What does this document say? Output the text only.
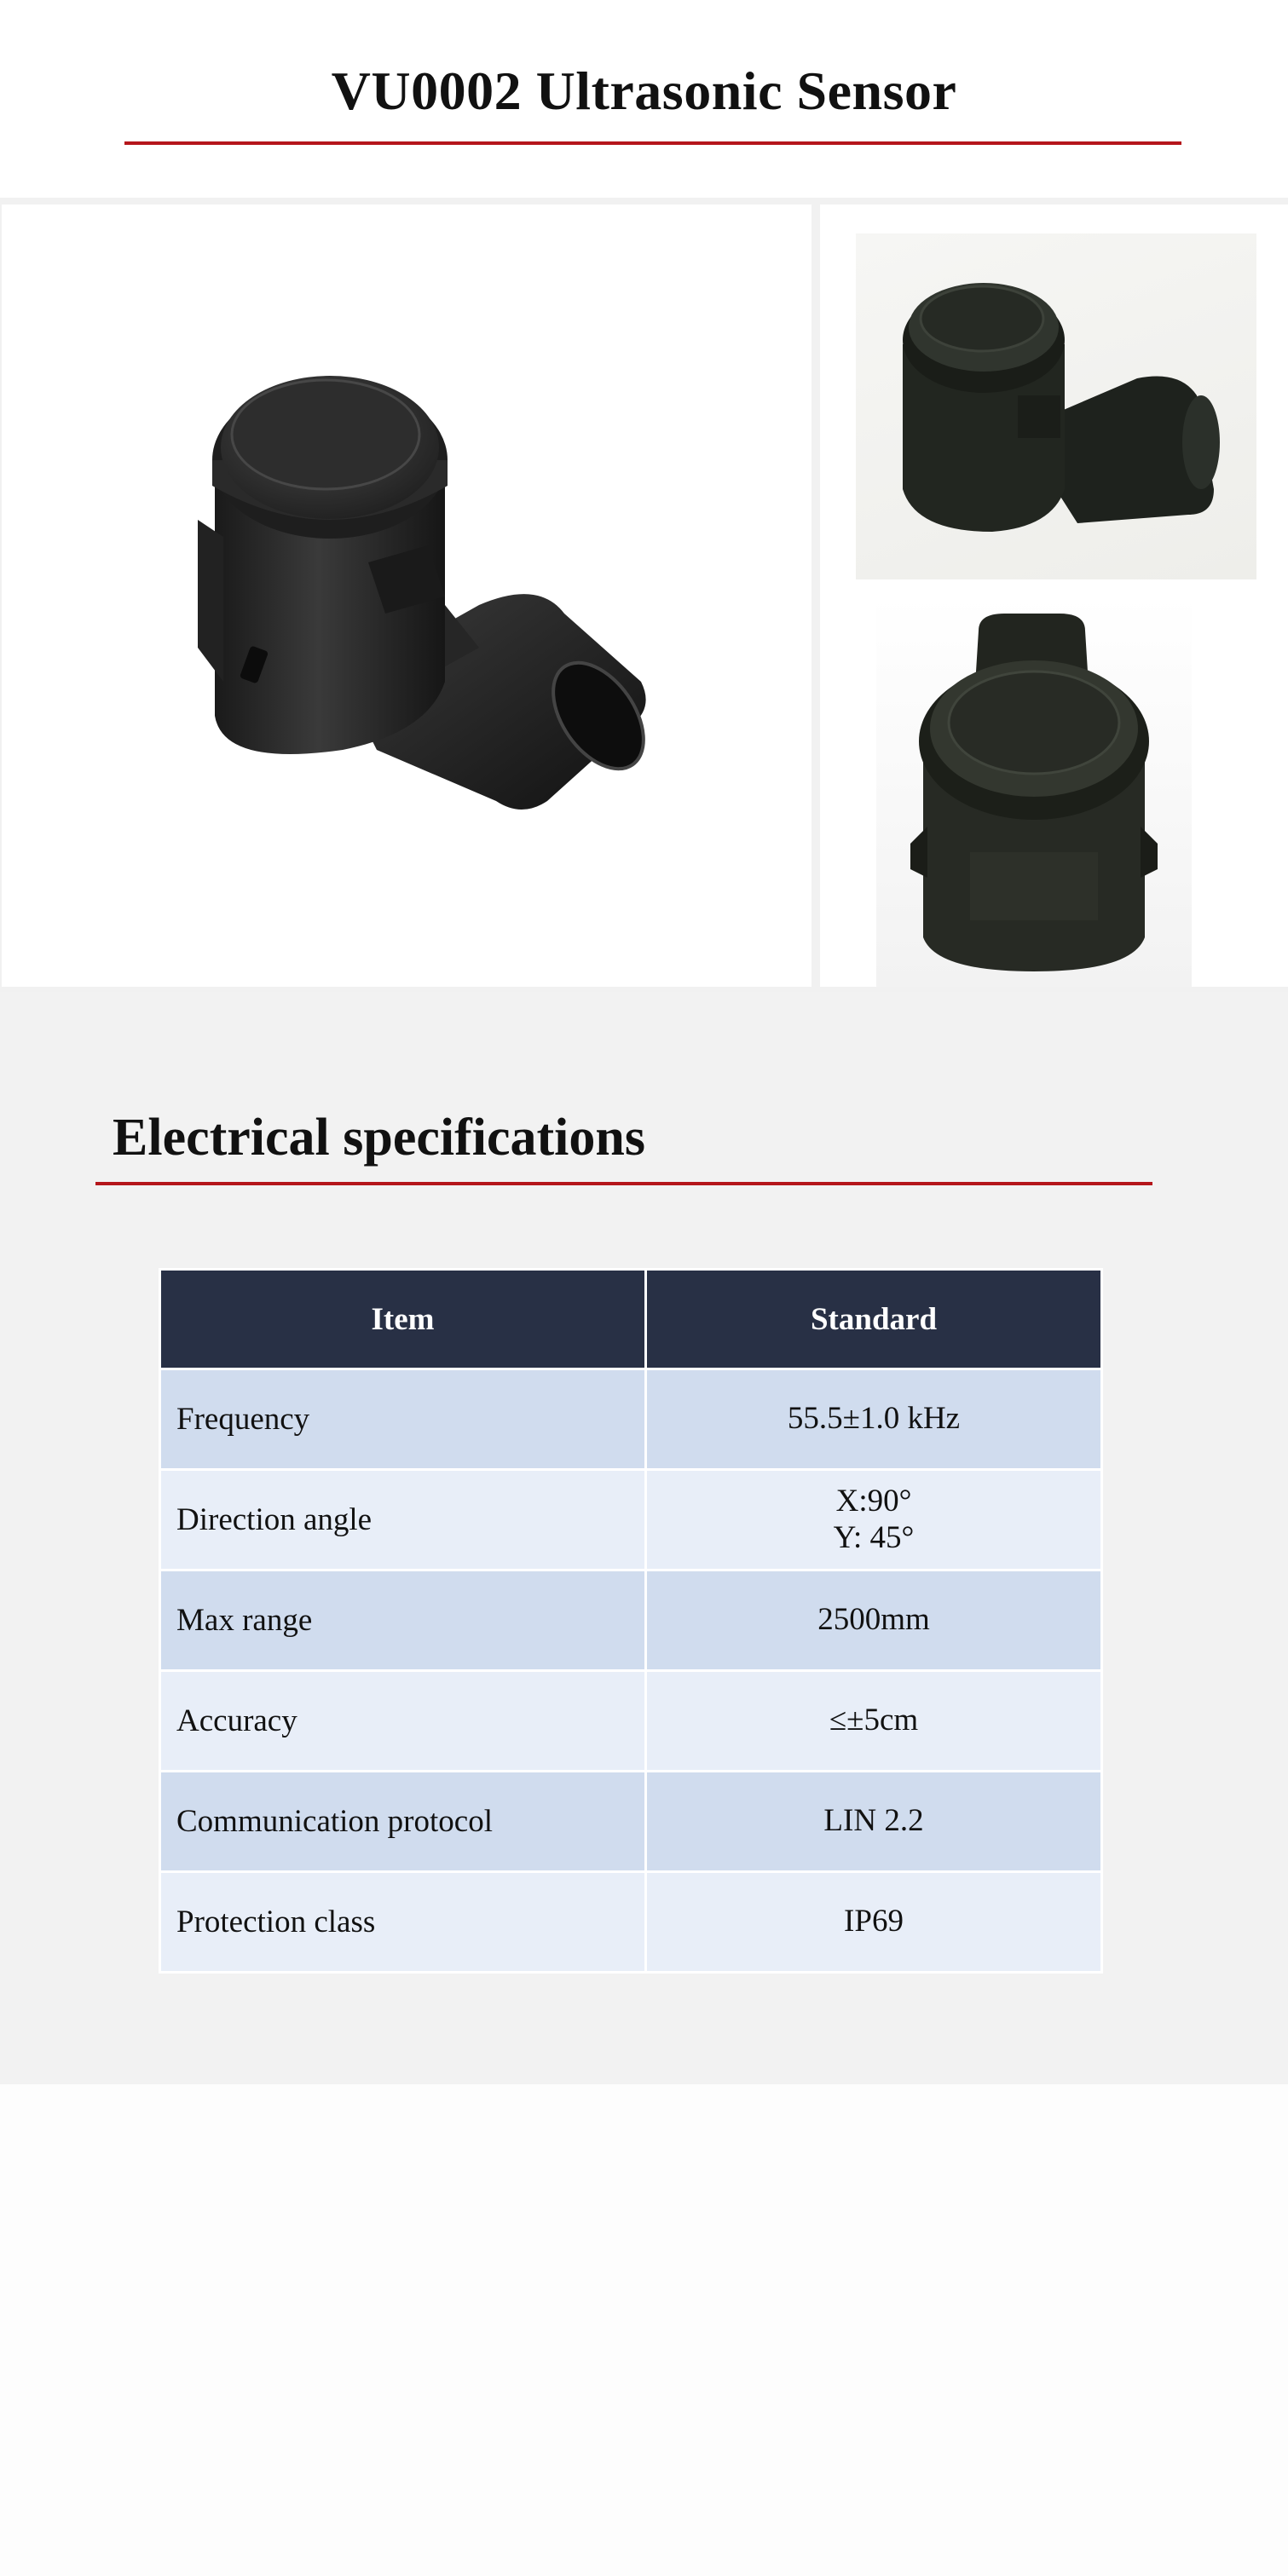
VU0002 Ultrasonic Sensor
Electrical specifications
Item	Standard
Frequency	55.5±1.0 kHz

Direction angle	X:90°
Y: 45°

Max range	2500mm

Accuracy	≤±5cm

Communication protocol	LIN 2.2

Protection class	IP69
